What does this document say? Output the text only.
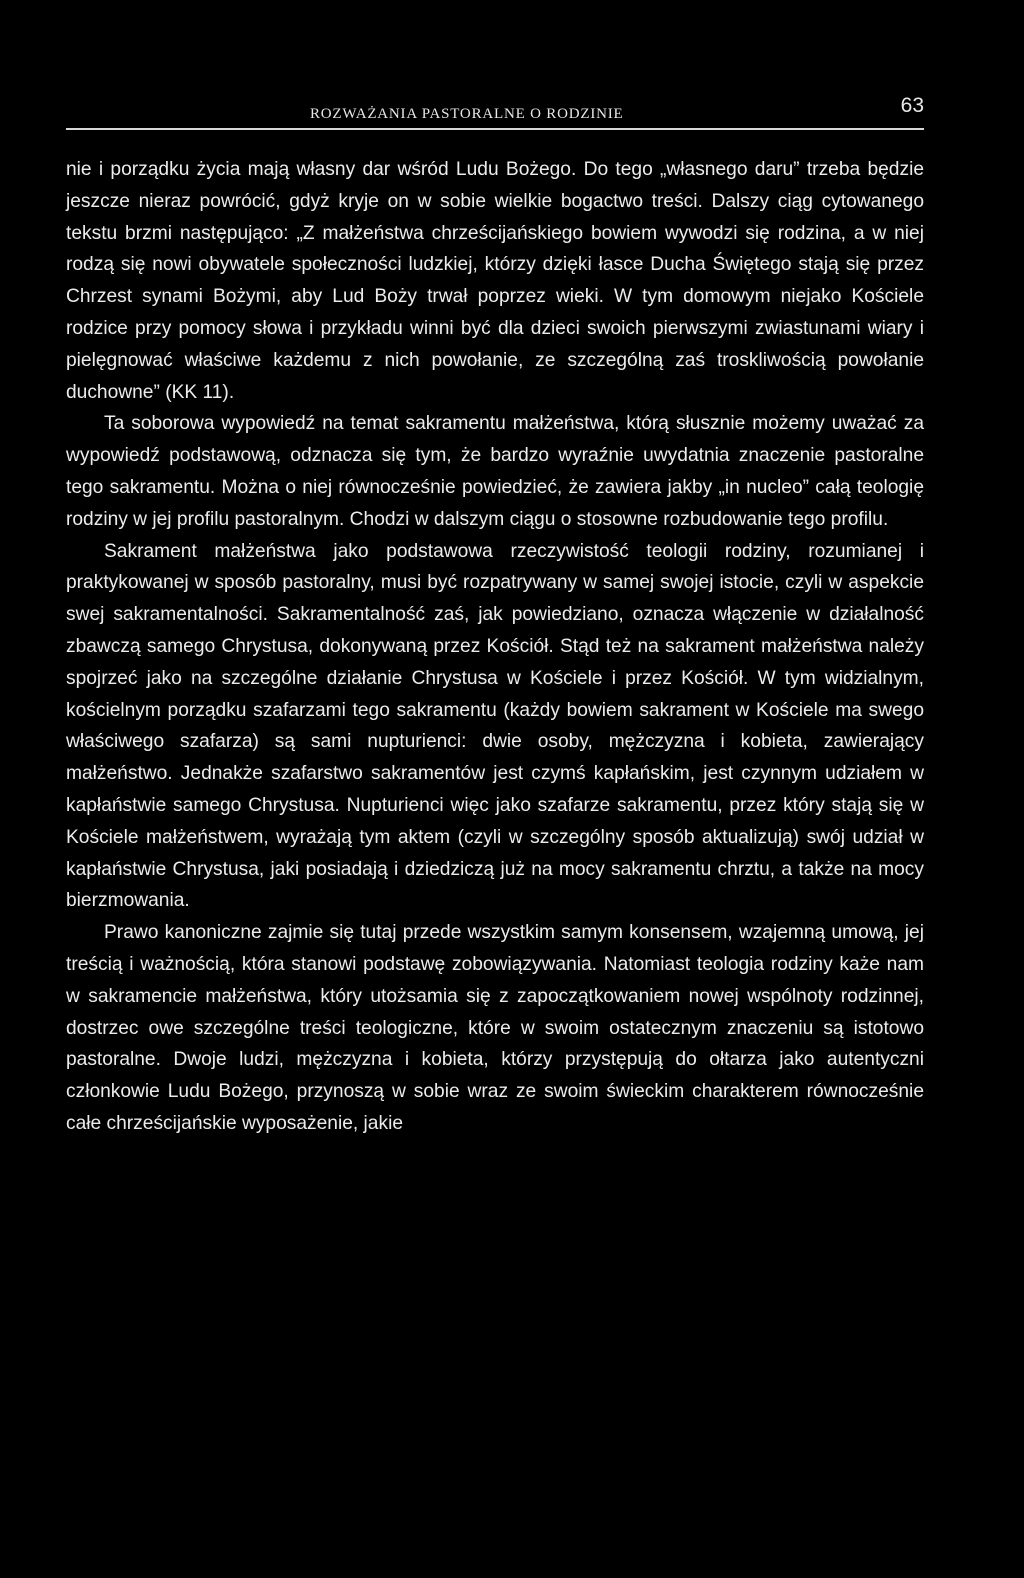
ROZWAŻANIA PASTORALNE O RODZINIE	63

nie i porządku życia mają własny dar wśród Ludu Bożego. Do tego „własnego daru” trzeba będzie jeszcze nieraz powrócić, gdyż kryje on w sobie wielkie bogactwo treści. Dalszy ciąg cytowanego tekstu brzmi następująco: „Z małżeństwa chrześcijańskiego bowiem wywodzi się rodzina, a w niej rodzą się nowi obywatele społeczności ludzkiej, którzy dzięki łasce Ducha Świętego stają się przez Chrzest synami Bożymi, aby Lud Boży trwał poprzez wieki. W tym domowym niejako Kościele rodzice przy pomocy słowa i przykładu winni być dla dzieci swoich pierwszymi zwiastunami wiary i pielęgnować właściwe każdemu z nich powołanie, ze szczególną zaś troskliwością powołanie duchowne” (KK 11).

Ta soborowa wypowiedź na temat sakramentu małżeństwa, którą słusznie możemy uważać za wypowiedź podstawową, odznacza się tym, że bardzo wyraźnie uwydatnia znaczenie pastoralne tego sakramentu. Można o niej równocześnie powiedzieć, że zawiera jakby „in nucleo” całą teologię rodziny w jej profilu pastoralnym. Chodzi w dalszym ciągu o stosowne rozbudowanie tego profilu.

Sakrament małżeństwa jako podstawowa rzeczywistość teologii rodziny, rozumianej i praktykowanej w sposób pastoralny, musi być rozpatrywany w samej swojej istocie, czyli w aspekcie swej sakramentalności. Sakramentalność zaś, jak powiedziano, oznacza włączenie w działalność zbawczą samego Chrystusa, dokonywaną przez Kościół. Stąd też na sakrament małżeństwa należy spojrzeć jako na szczególne działanie Chrystusa w Kościele i przez Kościół. W tym widzialnym, kościelnym porządku szafarzami tego sakramentu (każdy bowiem sakrament w Kościele ma swego właściwego szafarza) są sami nupturienci: dwie osoby, mężczyzna i kobieta, zawierający małżeństwo. Jednakże szafarstwo sakramentów jest czymś kapłańskim, jest czynnym udziałem w kapłaństwie samego Chrystusa. Nupturienci więc jako szafarze sakramentu, przez który stają się w Kościele małżeństwem, wyrażają tym aktem (czyli w szczególny sposób aktualizują) swój udział w kapłaństwie Chrystusa, jaki posiadają i dziedziczą już na mocy sakramentu chrztu, a także na mocy bierzmowania.

Prawo kanoniczne zajmie się tutaj przede wszystkim samym konsensem, wzajemną umową, jej treścią i ważnością, która stanowi podstawę zobowiązywania. Natomiast teologia rodziny każe nam w sakramencie małżeństwa, który utożsamia się z zapoczątkowaniem nowej wspólnoty rodzinnej, dostrzec owe szczególne treści teologiczne, które w swoim ostatecznym znaczeniu są istotowo pastoralne. Dwoje ludzi, mężczyzna i kobieta, którzy przystępują do ołtarza jako autentyczni członkowie Ludu Bożego, przynoszą w sobie wraz ze swoim świeckim charakterem równocześnie całe chrześcijańskie wyposażenie, jakie
